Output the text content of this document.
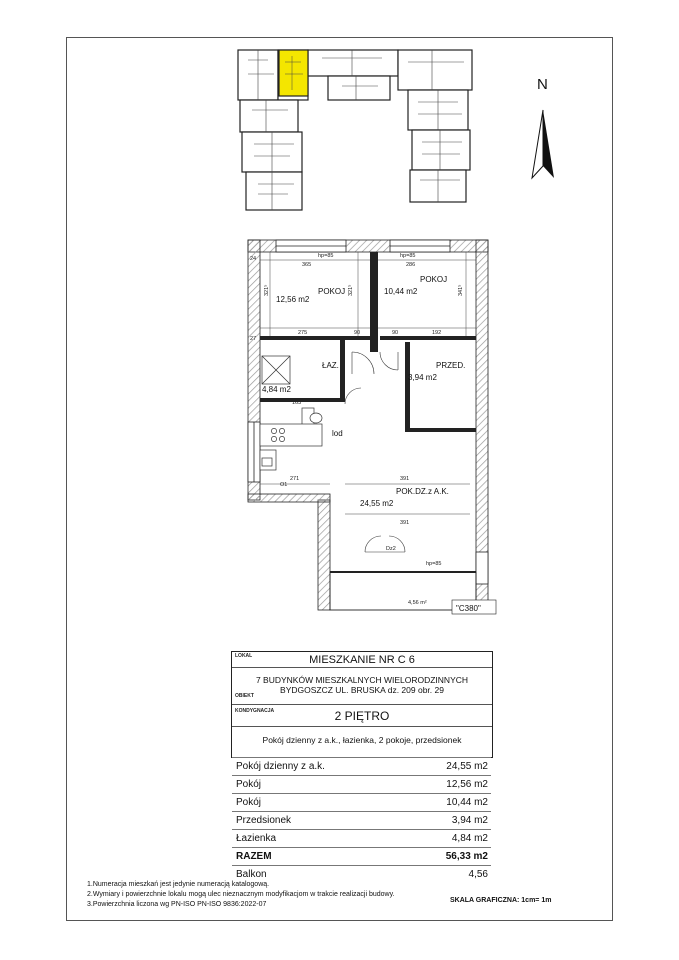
N
POKOJ
12,56 m2
POKOJ
10,44 m2
ŁAZ.
4,84 m2
PRZED.
3,94 m2
POK.DZ.z A.K.
24,55 m2
lod
hp=85	hp=85
hp=85
365	286
275	90	90	192
391
391
271
163
24
27
321⁵	321⁵	341⁵
Dz2
O1
4,56 m²
"C380"
LOKAL	MIESZKANIE NR C 6
7 BUDYNKÓW MIESZKALNYCH WIELORODZINNYCH
BYDGOSZCZ UL. BRUSKA dz. 209 obr. 29
OBIEKT
KONDYGNACJA	2 PIĘTRO
Pokój dzienny z a.k., łazienka, 2 pokoje, przedsionek
Pokój dzienny z a.k.	24,55 m2
Pokój	12,56 m2
Pokój	10,44 m2
Przedsionek	3,94 m2
Łazienka	4,84 m2
RAZEM	56,33 m2
Balkon	4,56
1.Numeracja mieszkań jest jedynie numeracją katalogową.
2.Wymiary i powierzchnie lokalu mogą ulec nieznacznym modyfikacjom w trakcie realizacji budowy.
3.Powierzchnia liczona wg PN-ISO PN-ISO 9836:2022-07
SKALA GRAFICZNA: 1cm= 1m
